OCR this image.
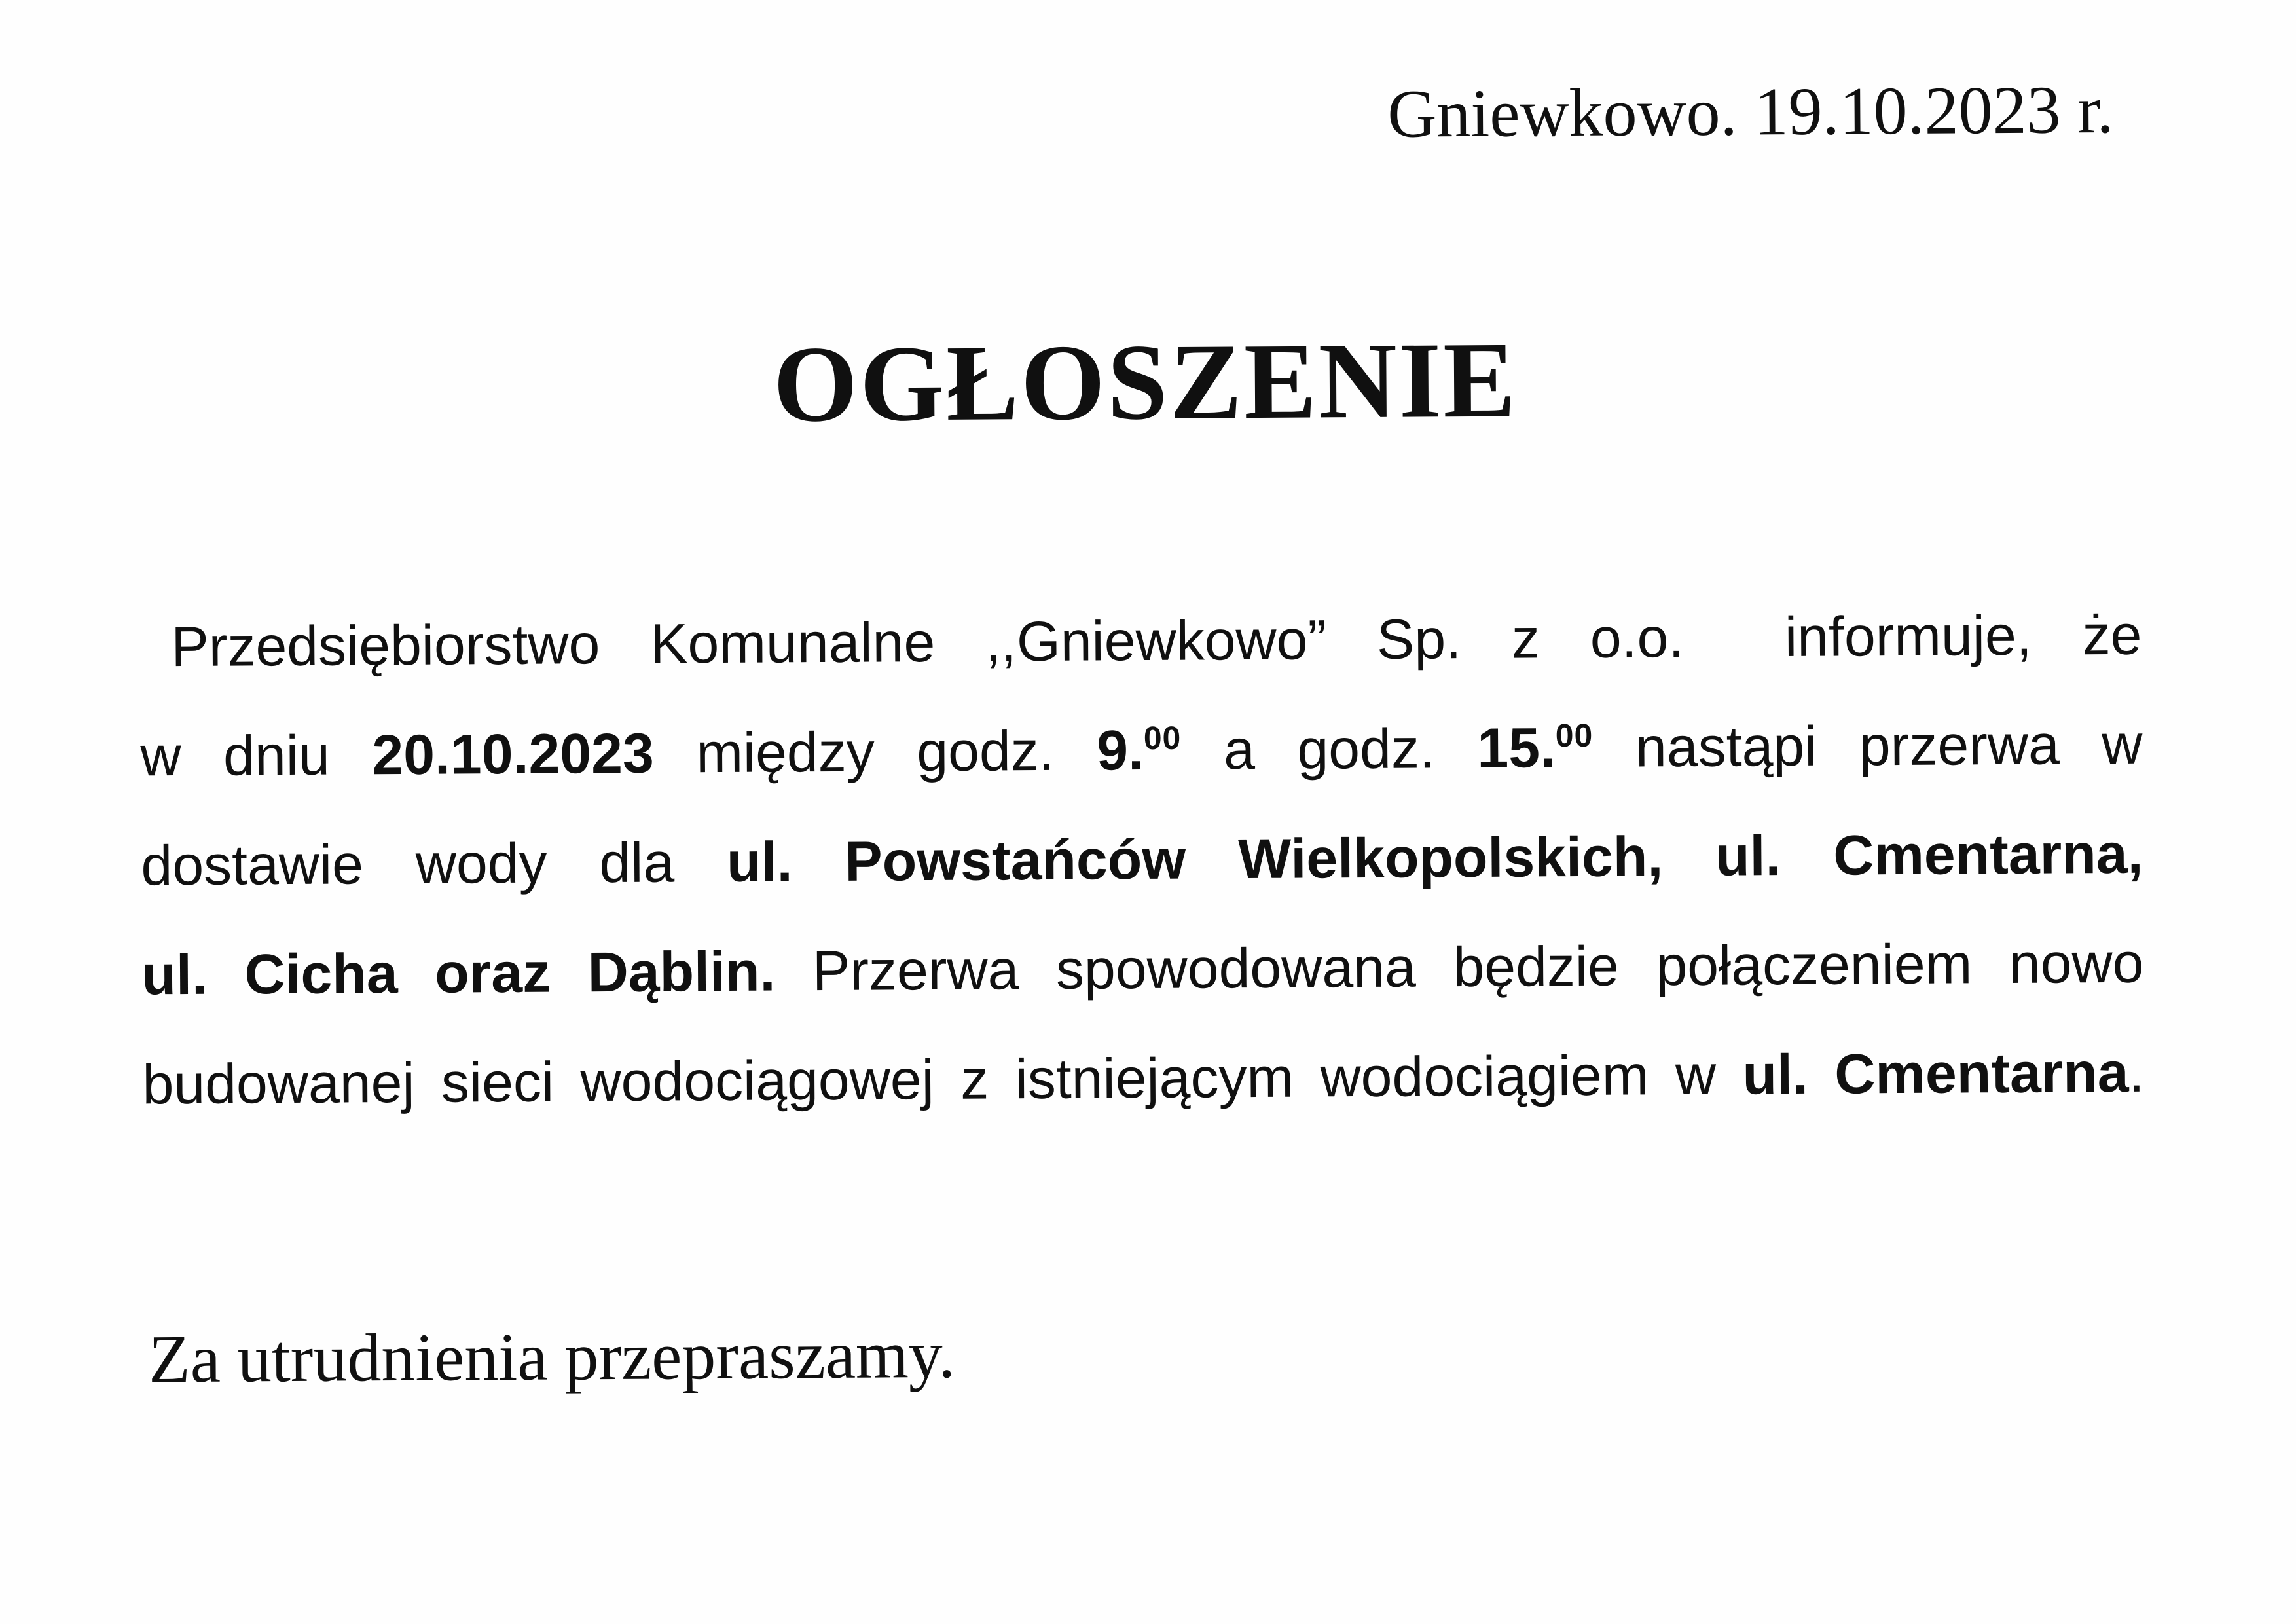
Gniewkowo. 19.10.2023 r.
OGŁOSZENIE
Przedsiębiorstwo Komunalne ,,Gniewkowo” Sp. z o.o.  informuje, że
w dniu 20.10.2023 między godz. 9.00 a godz. 15.00 nastąpi przerwa w
dostawie wody dla ul. Powstańców Wielkopolskich, ul. Cmentarna,
ul. Cicha oraz Dąblin. Przerwa spowodowana będzie połączeniem nowo
budowanej sieci wodociągowej z istniejącym wodociągiem w ul. Cmentarna.
Za utrudnienia przepraszamy.
